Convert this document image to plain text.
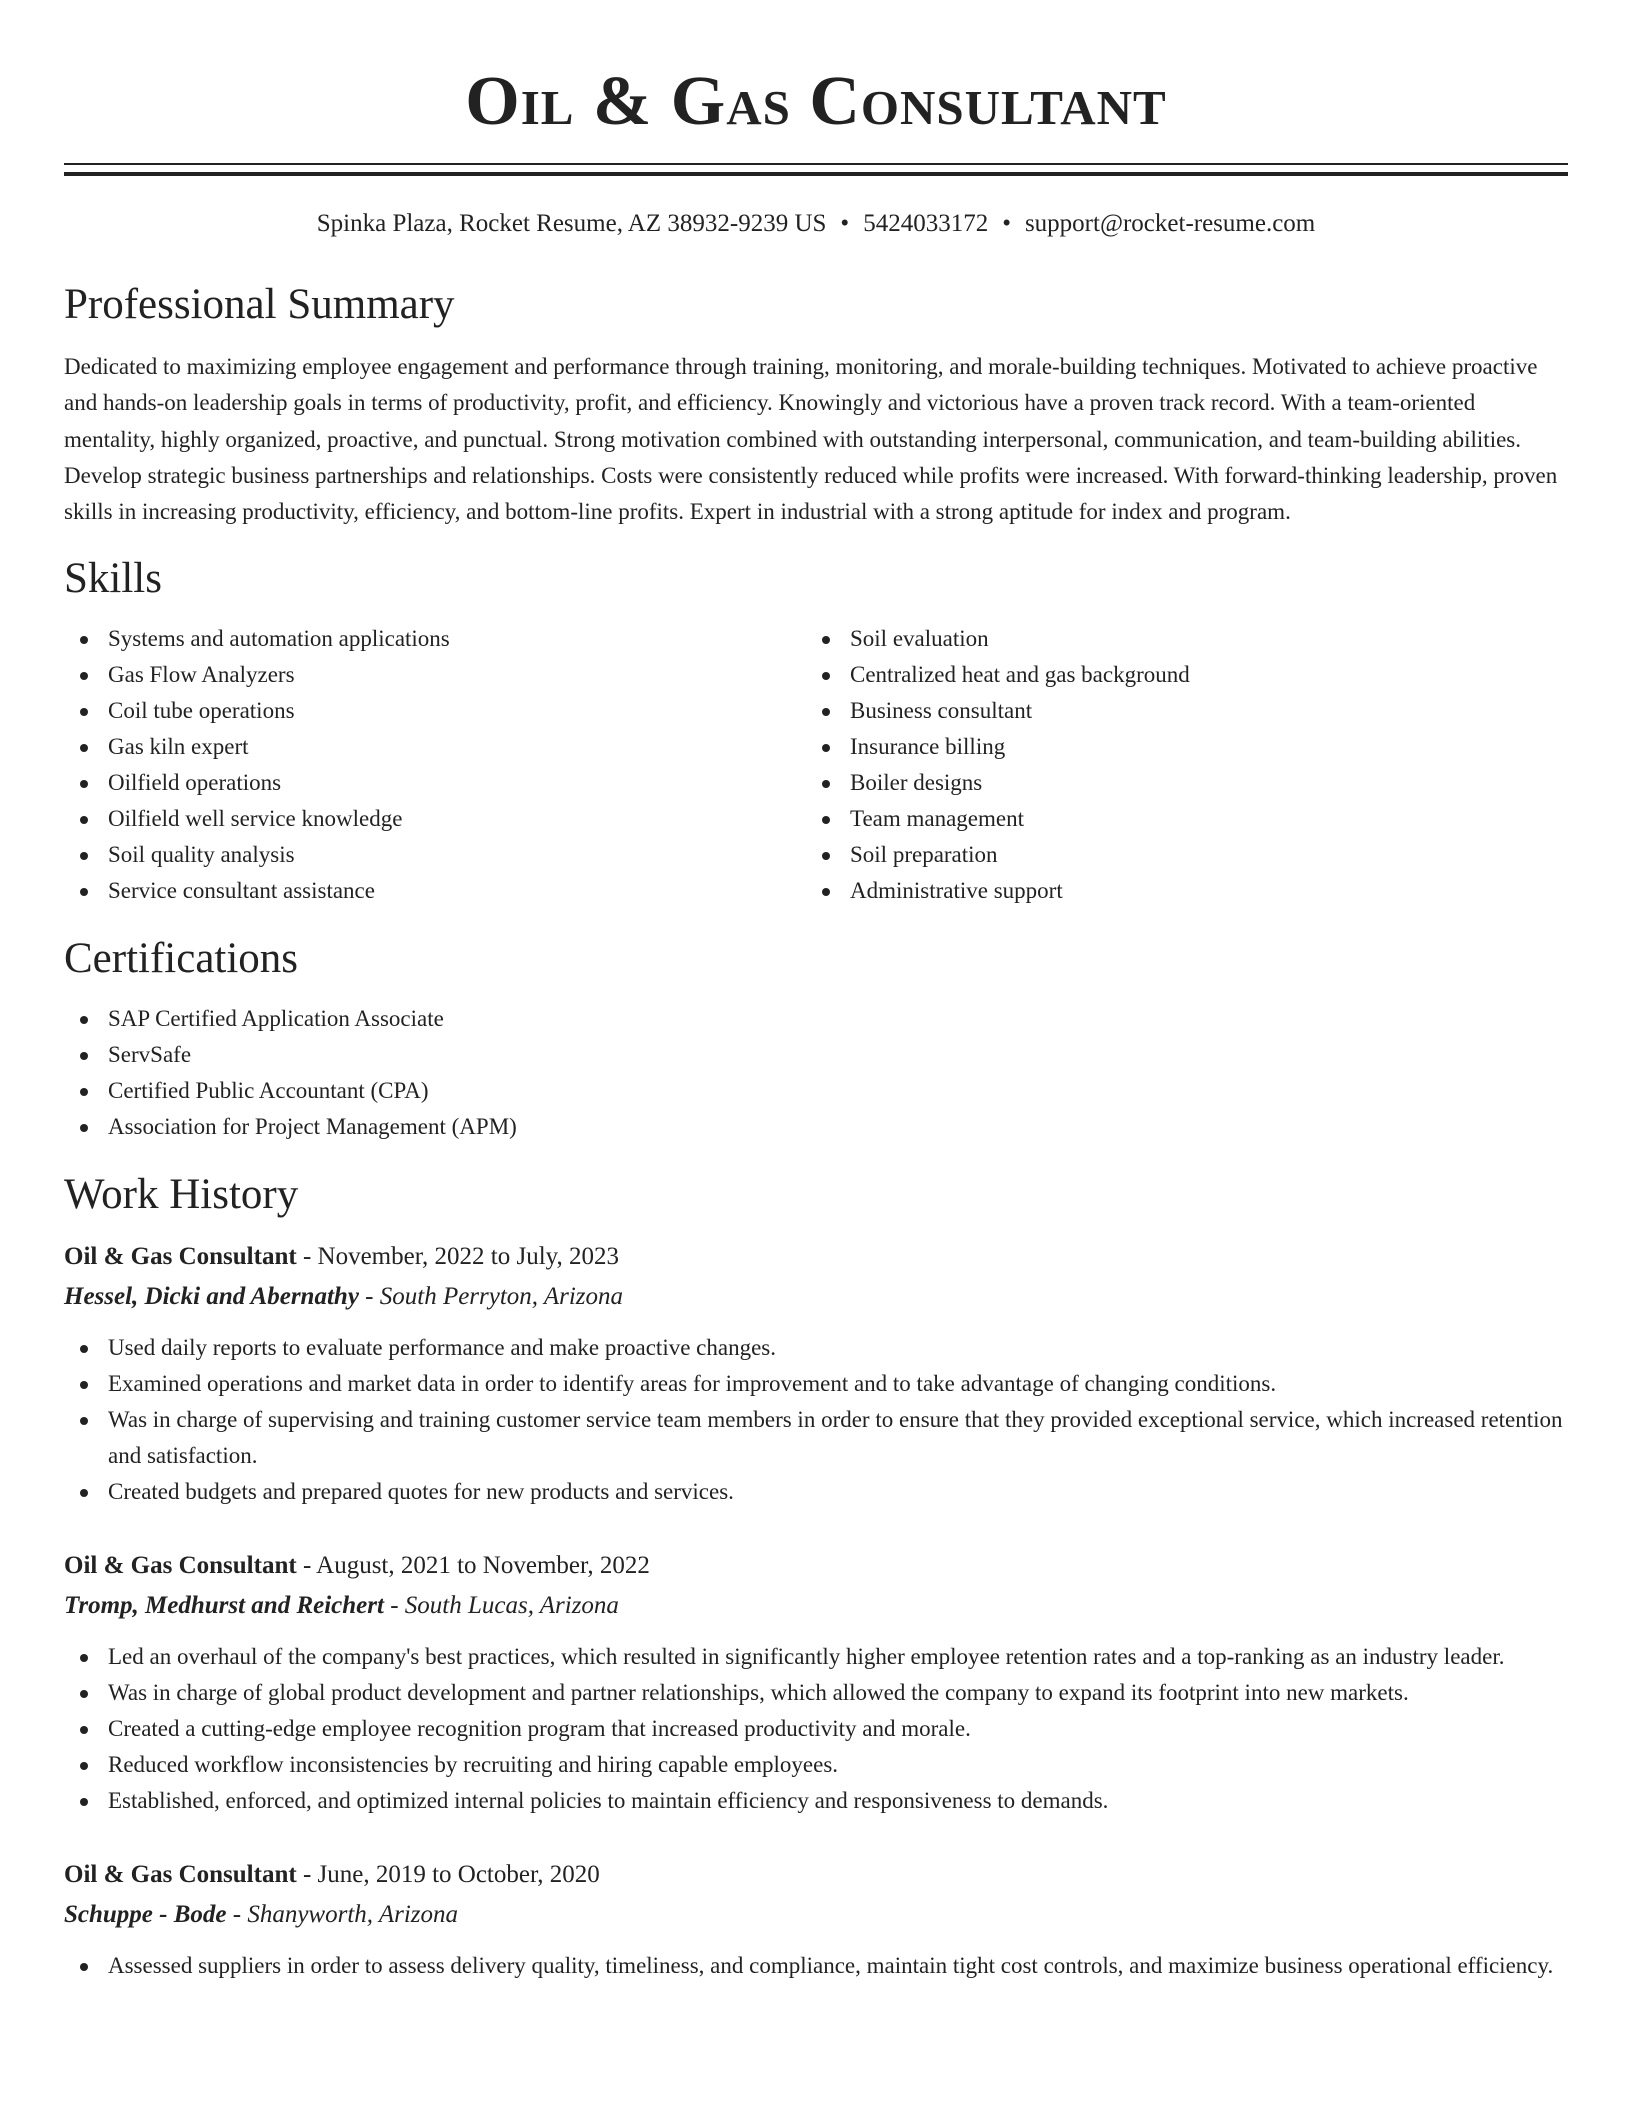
Oil & Gas Consultant
Spinka Plaza, Rocket Resume, AZ 38932-9239 US • 5424033172 • support@rocket-resume.com
Professional Summary

Dedicated to maximizing employee engagement and performance through training, monitoring, and morale-building techniques. Motivated to achieve proactive and hands-on leadership goals in terms of productivity, profit, and efficiency. Knowingly and victorious have a proven track record. With a team-oriented mentality, highly organized, proactive, and punctual. Strong motivation combined with outstanding interpersonal, communication, and team-building abilities. Develop strategic business partnerships and relationships. Costs were consistently reduced while profits were increased. With forward-thinking leadership, proven skills in increasing productivity, efficiency, and bottom-line profits. Expert in industrial with a strong aptitude for index and program.

Skills
Systems and automation applications
Gas Flow Analyzers
Coil tube operations
Gas kiln expert
Oilfield operations
Oilfield well service knowledge
Soil quality analysis
Service consultant assistance
Soil evaluation
Centralized heat and gas background
Business consultant
Insurance billing
Boiler designs
Team management
Soil preparation
Administrative support
Certifications
SAP Certified Application Associate
ServSafe
Certified Public Accountant (CPA)
Association for Project Management (APM)
Work History
Oil & Gas Consultant - November, 2022 to July, 2023
Hessel, Dicki and Abernathy - South Perryton, Arizona
Used daily reports to evaluate performance and make proactive changes.
Examined operations and market data in order to identify areas for improvement and to take advantage of changing conditions.
Was in charge of supervising and training customer service team members in order to ensure that they provided exceptional service, which increased retention and satisfaction.
Created budgets and prepared quotes for new products and services.
Oil & Gas Consultant - August, 2021 to November, 2022
Tromp, Medhurst and Reichert - South Lucas, Arizona
Led an overhaul of the company's best practices, which resulted in significantly higher employee retention rates and a top-ranking as an industry leader.
Was in charge of global product development and partner relationships, which allowed the company to expand its footprint into new markets.
Created a cutting-edge employee recognition program that increased productivity and morale.
Reduced workflow inconsistencies by recruiting and hiring capable employees.
Established, enforced, and optimized internal policies to maintain efficiency and responsiveness to demands.
Oil & Gas Consultant - June, 2019 to October, 2020
Schuppe - Bode - Shanyworth, Arizona
Assessed suppliers in order to assess delivery quality, timeliness, and compliance, maintain tight cost controls, and maximize business operational efficiency.
